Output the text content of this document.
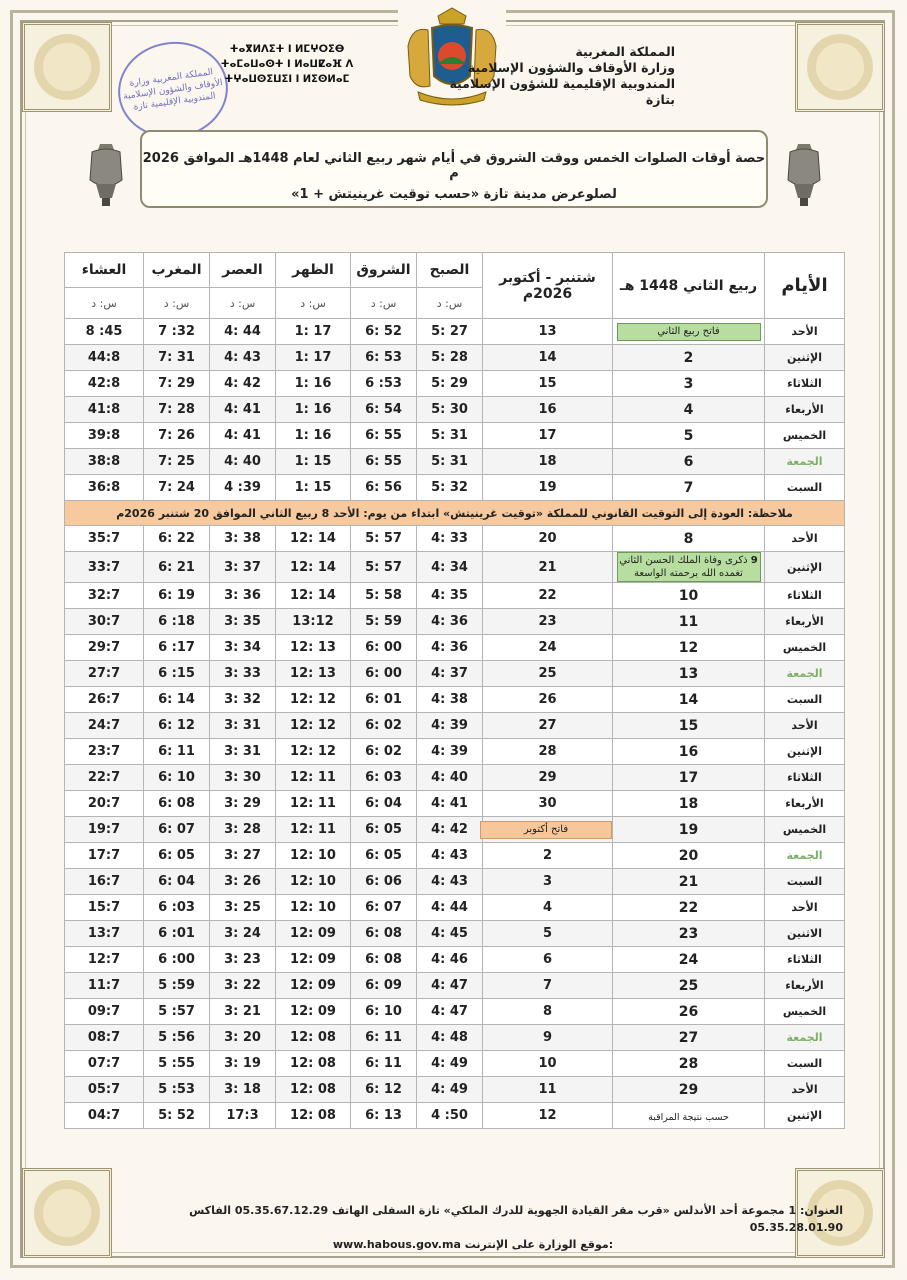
المملكة المغربية وزارة الأوقاف والشؤون الإسلامية المندوبية الإقليمية تازة
ⵜⴰⴳⵍⴷⵉⵜ ⵏ ⵍⵎⵖⵔⵉⴱ
ⵜⴰⵎⴰⵡⴰⵙⵜ ⵏ ⵍⴰⵡⵇⴰⴼ ⴷ ⵜⵖⴰⵡⵙⵉⵡⵉⵏ ⵏ ⵍⵉⵙⵍⴰⵎ
المملكة المغربية
وزارة الأوقاف والشؤون الإسلامية
المندوبية الإقليمية للشؤون الإسلامية
بتازة
حصة أوقات الصلوات الخمس ووقت الشروق في أيام شهر ربيع الثاني لعام 1448هـ الموافق 2026 م
لصلوعرض مدينة تازة «حسب توقيت غرينيتش + 1»
الأيام	ربيع الثاني 1448 هـ	شتنبر - أكتوبر 2026م	الصبح	الشروق	الظهر	العصر	المغرب	العشاء
			س: د	س: د	س: د	س: د	س: د	س: د
الأحد	فاتح ربيع الثاني	13	27 :5	52 :6	17 :1	44 :4	32: 7	45: 8
الإثنين	2	14	28 :5	53 :6	17 :1	43 :4	31 :7	44:8
الثلاثاء	3	15	29 :5	53: 6	16 :1	42 :4	29 :7	42:8
الأربعاء	4	16	30 :5	54 :6	16 :1	41 :4	28 :7	41:8
الخميس	5	17	31 :5	55 :6	16 :1	41 :4	26 :7	39:8
الجمعة	6	18	31 :5	55 :6	15 :1	40 :4	25 :7	38:8
السبت	7	19	32 :5	56 :6	15 :1	39: 4	24 :7	36:8
ملاحظة: العودة إلى التوقيت القانوني للمملكة «توقيت غرينيتش» ابتداء من يوم: الأحد 8 ربيع الثاني الموافق 20 شتنبر 2026م								
الأحد	8	20	33 :4	57 :5	14 :12	38 :3	22 :6	35:7
الإثنين	9 ذكرى وفاة الملك الحسن الثاني تغمده الله برحمته الواسعة	21	34 :4	57 :5	14 :12	37 :3	21 :6	33:7
الثلاثاء	10	22	35 :4	58 :5	14 :12	36 :3	19 :6	32:7
الأربعاء	11	23	36 :4	59 :5	13:12	35 :3	18: 6	30:7
الخميس	12	24	36 :4	00 :6	13 :12	34 :3	17: 6	29:7
الجمعة	13	25	37 :4	00 :6	13 :12	33 :3	15: 6	27:7
السبت	14	26	38 :4	01 :6	12 :12	32 :3	14 :6	26:7
الأحد	15	27	39 :4	02 :6	12 :12	31 :3	12 :6	24:7
الإثنين	16	28	39 :4	02 :6	12 :12	31 :3	11 :6	23:7
الثلاثاء	17	29	40 :4	03 :6	11 :12	30 :3	10 :6	22:7
الأربعاء	18	30	41 :4	04 :6	11 :12	29 :3	08 :6	20:7
الخميس	19	فاتح أكتوبر	42 :4	05 :6	11 :12	28 :3	07 :6	19:7
الجمعة	20	2	43 :4	05 :6	10 :12	27 :3	05 :6	17:7
السبت	21	3	43 :4	06 :6	10 :12	26 :3	04 :6	16:7
الأحد	22	4	44 :4	07 :6	10 :12	25 :3	03: 6	15:7
الاثنين	23	5	45 :4	08 :6	09 :12	24 :3	01: 6	13:7
الثلاثاء	24	6	46 :4	08 :6	09 :12	23 :3	00: 6	12:7
الأربعاء	25	7	47 :4	09 :6	09 :12	22 :3	59: 5	11:7
الخميس	26	8	47 :4	10 :6	09 :12	21 :3	57: 5	09:7
الجمعة	27	9	48 :4	11 :6	08 :12	20 :3	56: 5	08:7
السبت	28	10	49 :4	11 :6	08 :12	19 :3	55: 5	07:7
الأحد	29	11	49 :4	12 :6	08 :12	18 :3	53: 5	05:7
الإثنين	حسب نتيجة المراقبة	12	50: 4	13 :6	08 :12	17:3	52 :5	04:7
العنوان: 1 مجموعة أحد الأندلس «قرب مقر القيادة الجهوية للدرك الملكي» تازة السفلى الهاتف 05.35.67.12.29 الفاكس 05.35.28.01.90
www.habous.gov.ma موقع الوزارة على الإنترنت:
